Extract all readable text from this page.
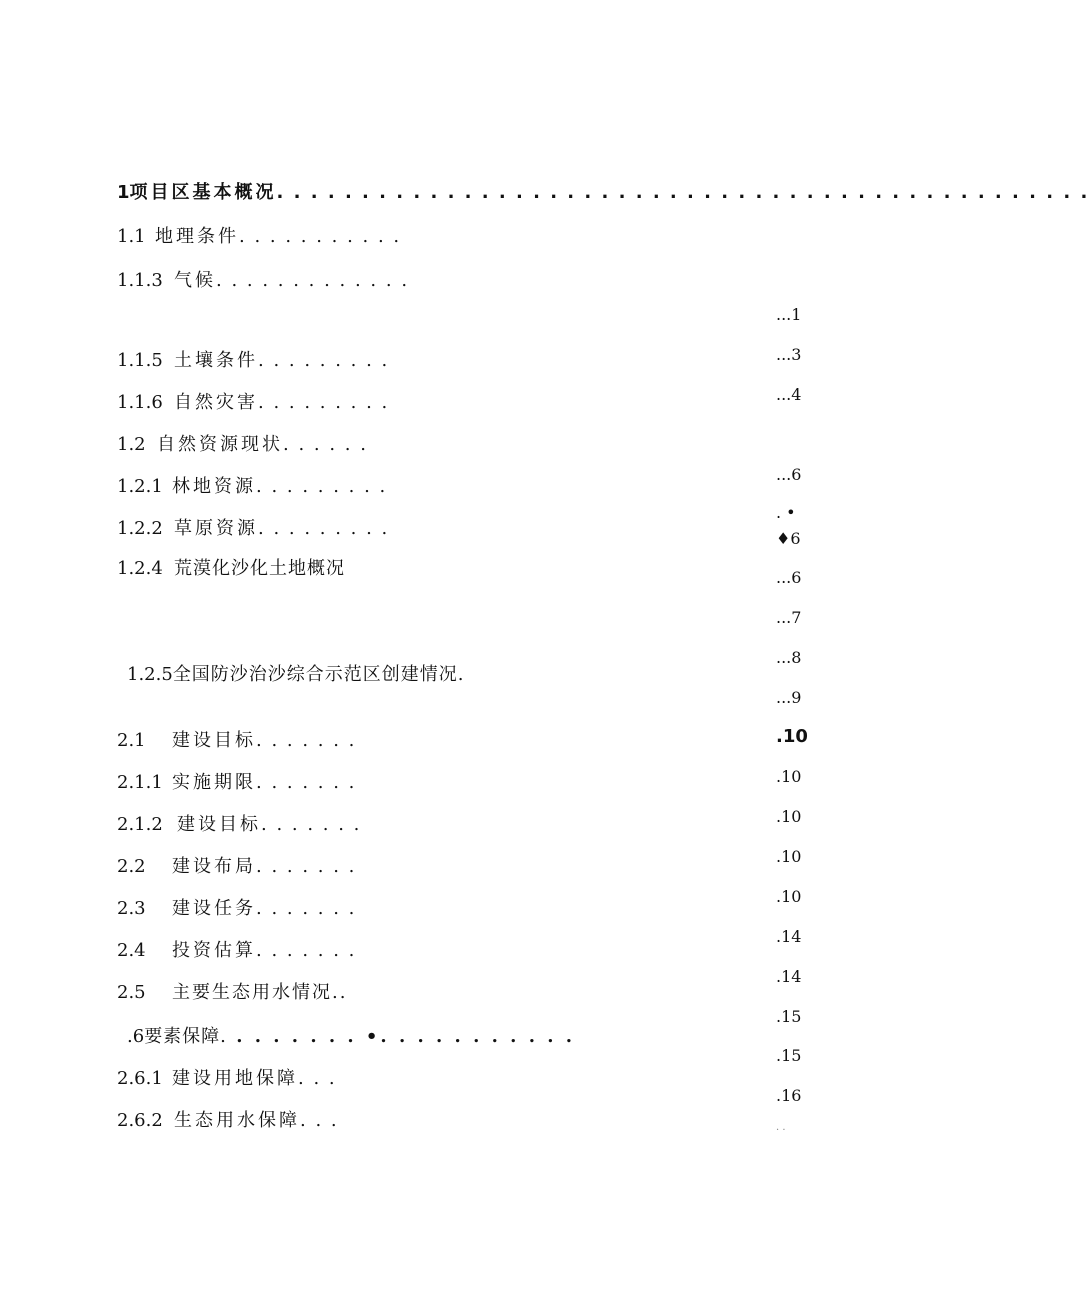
1项目区基本概况. . . . . . . . . . . . . . . . . . . . . . . . . . . . . . . . . . . . . . . . . . . . . . . .
1.1 地理条件. . . . . . . . . . .
1.1.3 气候. . . . . . . . . . . . .
1.1.5 土壤条件. . . . . . . . .
1.1.6 自然灾害. . . . . . . . .
1.2 自然资源现状. . . . . .
1.2.1 林地资源. . . . . . . . .
1.2.2 草原资源. . . . . . . . .
1.2.4 荒漠化沙化土地概况
1.2.5全国防沙治沙综合示范区创建情况.
2.1 建设目标. . . . . . .
2.1.1 实施期限. . . . . . .
2.1.2 建设目标. . . . . . .
2.2 建设布局. . . . . . .
2.3 建设任务. . . . . . .
2.4 投资估算. . . . . . .
2.5 主要生态用水情况..
.6要素保障. . . . . . . . •. . . . . . . . . . .
2.6.1 建设用地保障. . .
2.6.2 生态用水保障. . .
...1
...3
...4
...6
. •
♦6
...6
...7
...8
...9
.10
.10
.10
.10
.10
.14
.14
.15
.15
.16
· ·
